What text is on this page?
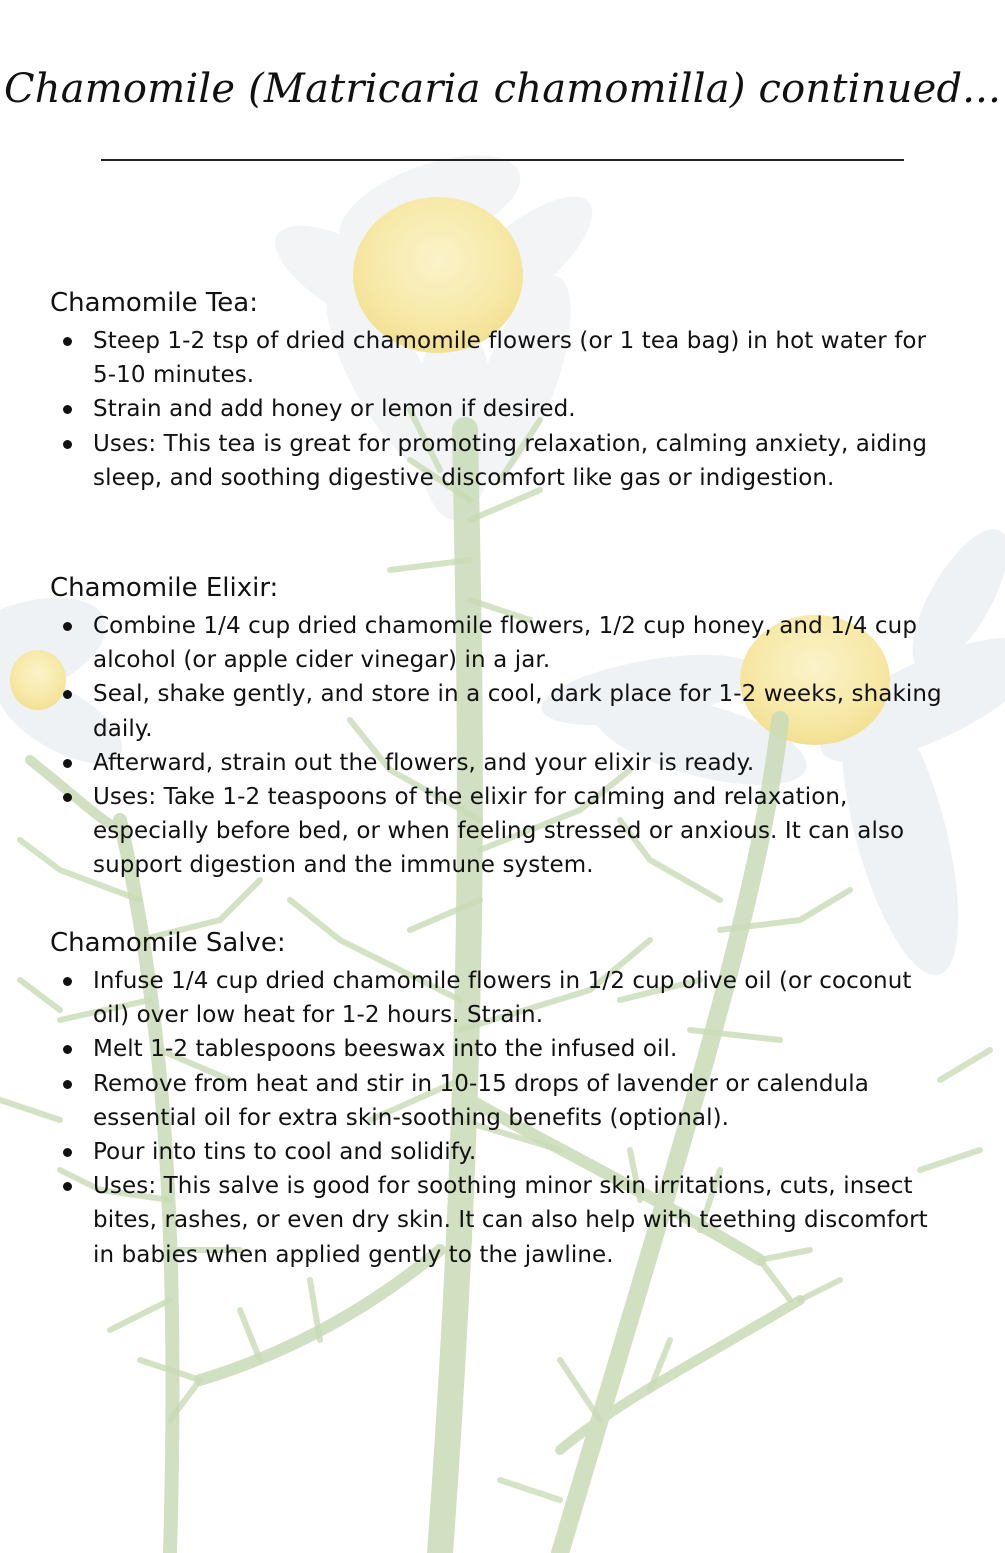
Chamomile (Matricaria chamomilla) continued...
Chamomile Tea:
Steep 1-2 tsp of dried chamomile flowers (or 1 tea bag) in hot water for 5-10 minutes.
Strain and add honey or lemon if desired.
Uses: This tea is great for promoting relaxation, calming anxiety, aiding sleep, and soothing digestive discomfort like gas or indigestion.
Chamomile Elixir:
Combine 1/4 cup dried chamomile flowers, 1/2 cup honey, and 1/4 cup alcohol (or apple cider vinegar) in a jar.
Seal, shake gently, and store in a cool, dark place for 1-2 weeks, shaking daily.
Afterward, strain out the flowers, and your elixir is ready.
Uses: Take 1-2 teaspoons of the elixir for calming and relaxation, especially before bed, or when feeling stressed or anxious. It can also support digestion and the immune system.
Chamomile Salve:
Infuse 1/4 cup dried chamomile flowers in 1/2 cup olive oil (or coconut oil) over low heat for 1-2 hours. Strain.
Melt 1-2 tablespoons beeswax into the infused oil.
Remove from heat and stir in 10-15 drops of lavender or calendula essential oil for extra skin-soothing benefits (optional).
Pour into tins to cool and solidify.
Uses: This salve is good for soothing minor skin irritations, cuts, insect bites, rashes, or even dry skin. It can also help with teething discomfort in babies when applied gently to the jawline.
